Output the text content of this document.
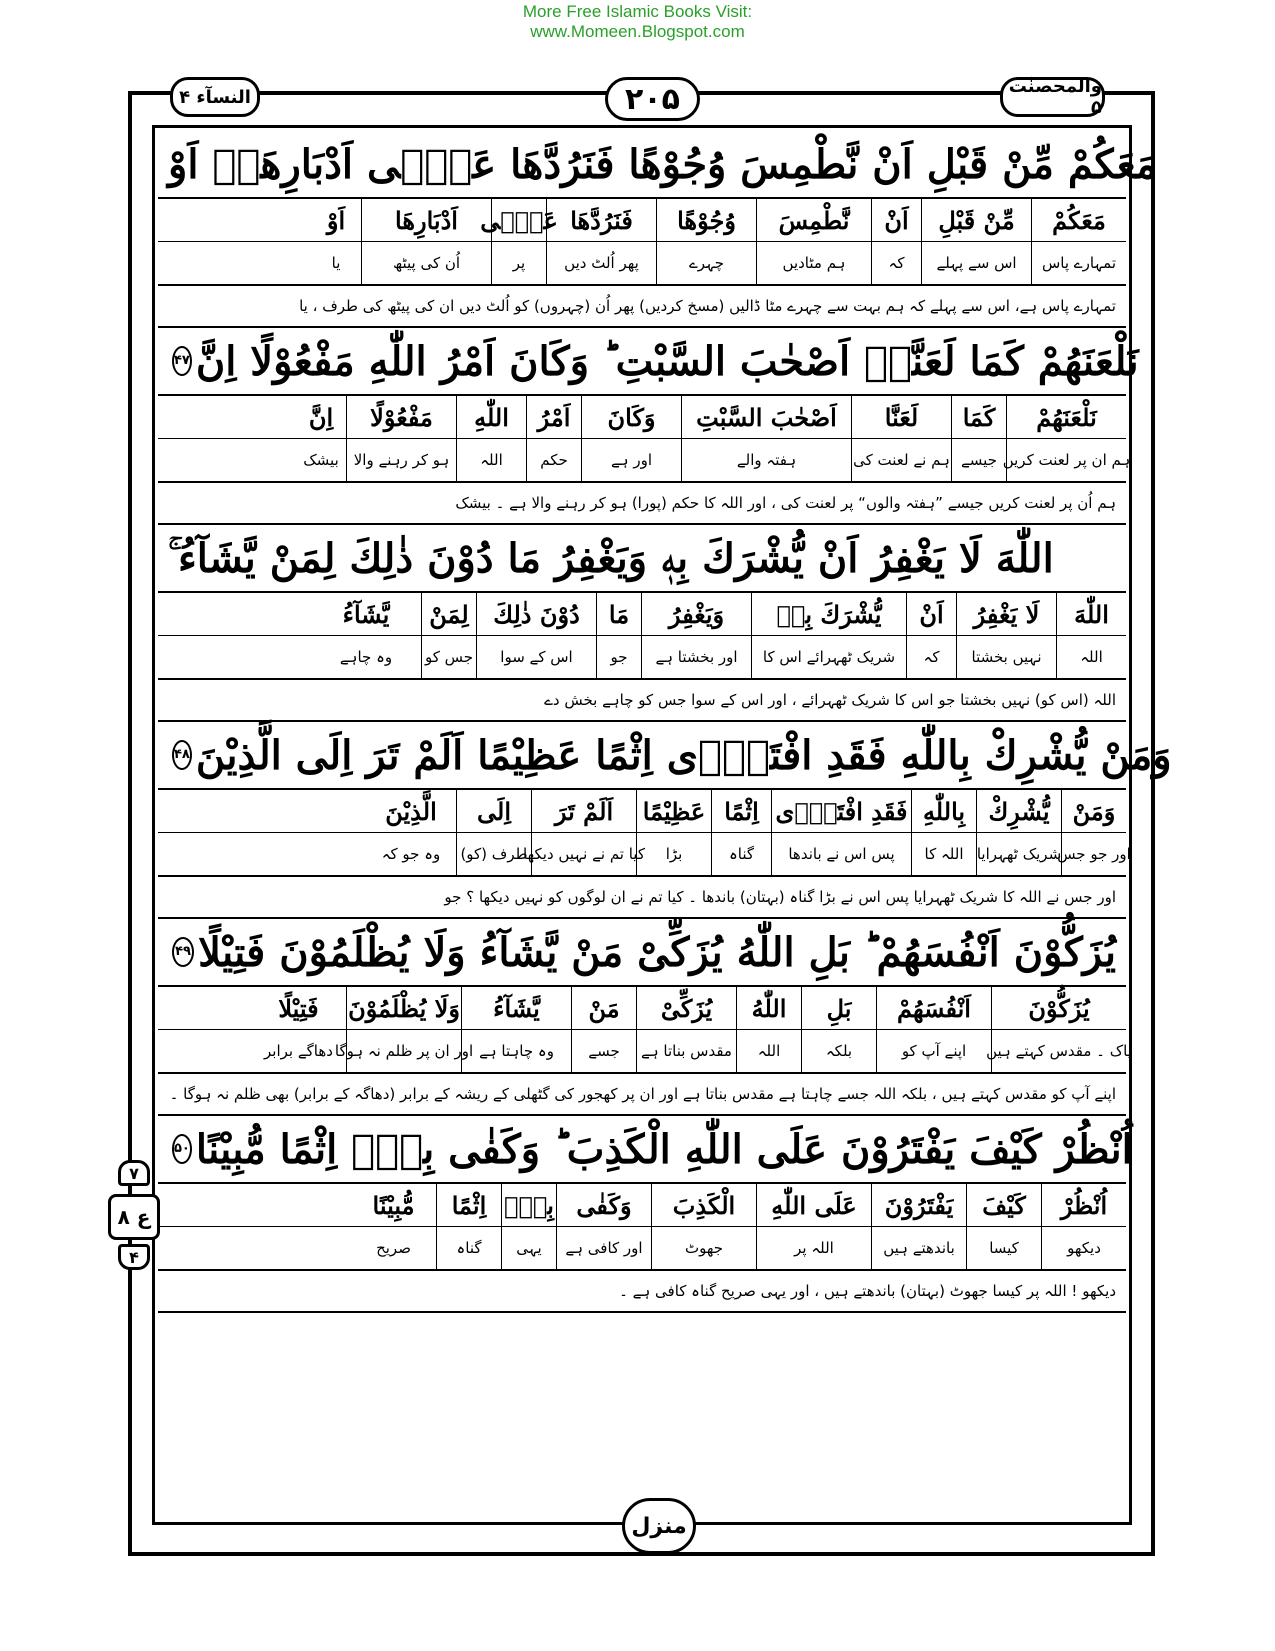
More Free Islamic Books Visit:
www.Momeen.Blogspot.com
النسآء ۴	۲۰۵	والمحصنٰت ۵
مَعَكُمْ مِّنْ قَبْلِ اَنْ نَّطْمِسَ وُجُوْهًا فَنَرُدَّهَا عَلٰۤى اَدْبَارِهَاۤ اَوْ
مَعَكُمْ
مِّنْ قَبْلِ
اَنْ
نَّطْمِسَ
وُجُوْهًا
فَنَرُدَّهَا
عَلٰۤى
اَدْبَارِهَا
اَوْ
تمہارے پاس
اس سے پہلے
کہ
ہم مٹادیں
چہرے
پھر اُلٹ دیں
پر
اُن کی پیٹھ
یا
تمہارے پاس ہے، اس سے پہلے کہ ہم بہت سے چہرے مٹا ڈالیں (مسخ کردیں) پھر اُن (چہروں) کو اُلٹ دیں ان کی پیٹھ کی طرف ، یا
نَلْعَنَهُمْ كَمَا لَعَنَّاۤ اَصْحٰبَ السَّبْتِ ؕ وَكَانَ اَمْرُ اللّٰهِ مَفْعُوْلًا اِنَّ
۴۷
نَلْعَنَهُمْ
كَمَا
لَعَنَّا
اَصْحٰبَ السَّبْتِ
وَكَانَ
اَمْرُ
اللّٰهِ
مَفْعُوْلًا
اِنَّ
ہم ان پر لعنت کریں
جیسے
ہم نے لعنت کی
ہفتہ والے
اور ہے
حکم
اللہ
ہو کر رہنے والا
بیشک
ہم اُن پر لعنت کریں جیسے ”ہفتہ والوں“ پر لعنت کی ، اور اللہ کا حکم (پورا) ہو کر رہنے والا ہے ۔ بیشک
اللّٰهَ لَا يَغْفِرُ اَنْ يُّشْرَكَ بِهٖ وَيَغْفِرُ مَا دُوْنَ ذٰلِكَ لِمَنْ يَّشَآءُ ۚ
اللّٰهَ
لَا يَغْفِرُ
اَنْ
يُّشْرَكَ بِهٖ
وَيَغْفِرُ
مَا
دُوْنَ ذٰلِكَ
لِمَنْ
يَّشَآءُ
اللہ
نہیں بخشتا
کہ
شریک ٹھہرائے اس کا
اور بخشتا ہے
جو
اس کے سوا
جس کو
وہ چاہے
اللہ (اس کو) نہیں بخشتا جو اس کا شریک ٹھہرائے ، اور اس کے سوا جس کو چاہے بخش دے
وَمَنْ يُّشْرِكْ بِاللّٰهِ فَقَدِ افْتَرٰۤى اِثْمًا عَظِيْمًا اَلَمْ تَرَ اِلَى الَّذِيْنَ
۴۸
وَمَنْ
يُّشْرِكْ
بِاللّٰهِ
فَقَدِ افْتَرٰۤى
اِثْمًا
عَظِيْمًا
اَلَمْ تَرَ
اِلَى
الَّذِيْنَ
اور جو جس
شریک ٹھہرایا
اللہ کا
پس اس نے باندھا
گناہ
بڑا
کیا تم نے نہیں دیکھا
طرف (کو)
وہ جو کہ
اور جس نے اللہ کا شریک ٹھہرایا پس اس نے بڑا گناہ (بہتان) باندھا ۔ کیا تم نے ان لوگوں کو نہیں دیکھا ؟ جو
يُزَكُّوْنَ اَنْفُسَهُمْ ؕ بَلِ اللّٰهُ يُزَكِّىْ مَنْ يَّشَآءُ وَلَا يُظْلَمُوْنَ فَتِيْلًا
۴۹
يُزَكُّوْنَ
اَنْفُسَهُمْ
بَلِ
اللّٰهُ
يُزَكِّىْ
مَنْ
يَّشَآءُ
وَلَا يُظْلَمُوْنَ
فَتِيْلًا
پاک ۔ مقدس کہتے ہیں
اپنے آپ کو
بلکہ
اللہ
مقدس بناتا ہے
جسے
وہ چاہتا ہے
اور ان پر ظلم نہ ہوگا
دھاگے برابر
اپنے آپ کو مقدس کہتے ہیں ، بلکہ اللہ جسے چاہتا ہے مقدس بناتا ہے اور ان پر کھجور کی گٹھلی کے ریشہ کے برابر (دھاگہ کے برابر) بھی ظلم نہ ہوگا ۔
اُنْظُرْ كَيْفَ يَفْتَرُوْنَ عَلَى اللّٰهِ الْكَذِبَ ؕ وَكَفٰى بِهٖۤ اِثْمًا مُّبِيْنًا
۵۰
اُنْظُرْ
كَيْفَ
يَفْتَرُوْنَ
عَلَى اللّٰهِ
الْكَذِبَ
وَكَفٰى
بِهٖۤ
اِثْمًا
مُّبِيْنًا
دیکھو
کیسا
باندھتے ہیں
اللہ پر
جھوٹ
اور کافی ہے
یہی
گناہ
صریح
دیکھو ! اللہ پر کیسا جھوٹ (بہتان) باندھتے ہیں ، اور یہی صریح گناہ کافی ہے ۔
۷
ع ۸
۴
منزل
